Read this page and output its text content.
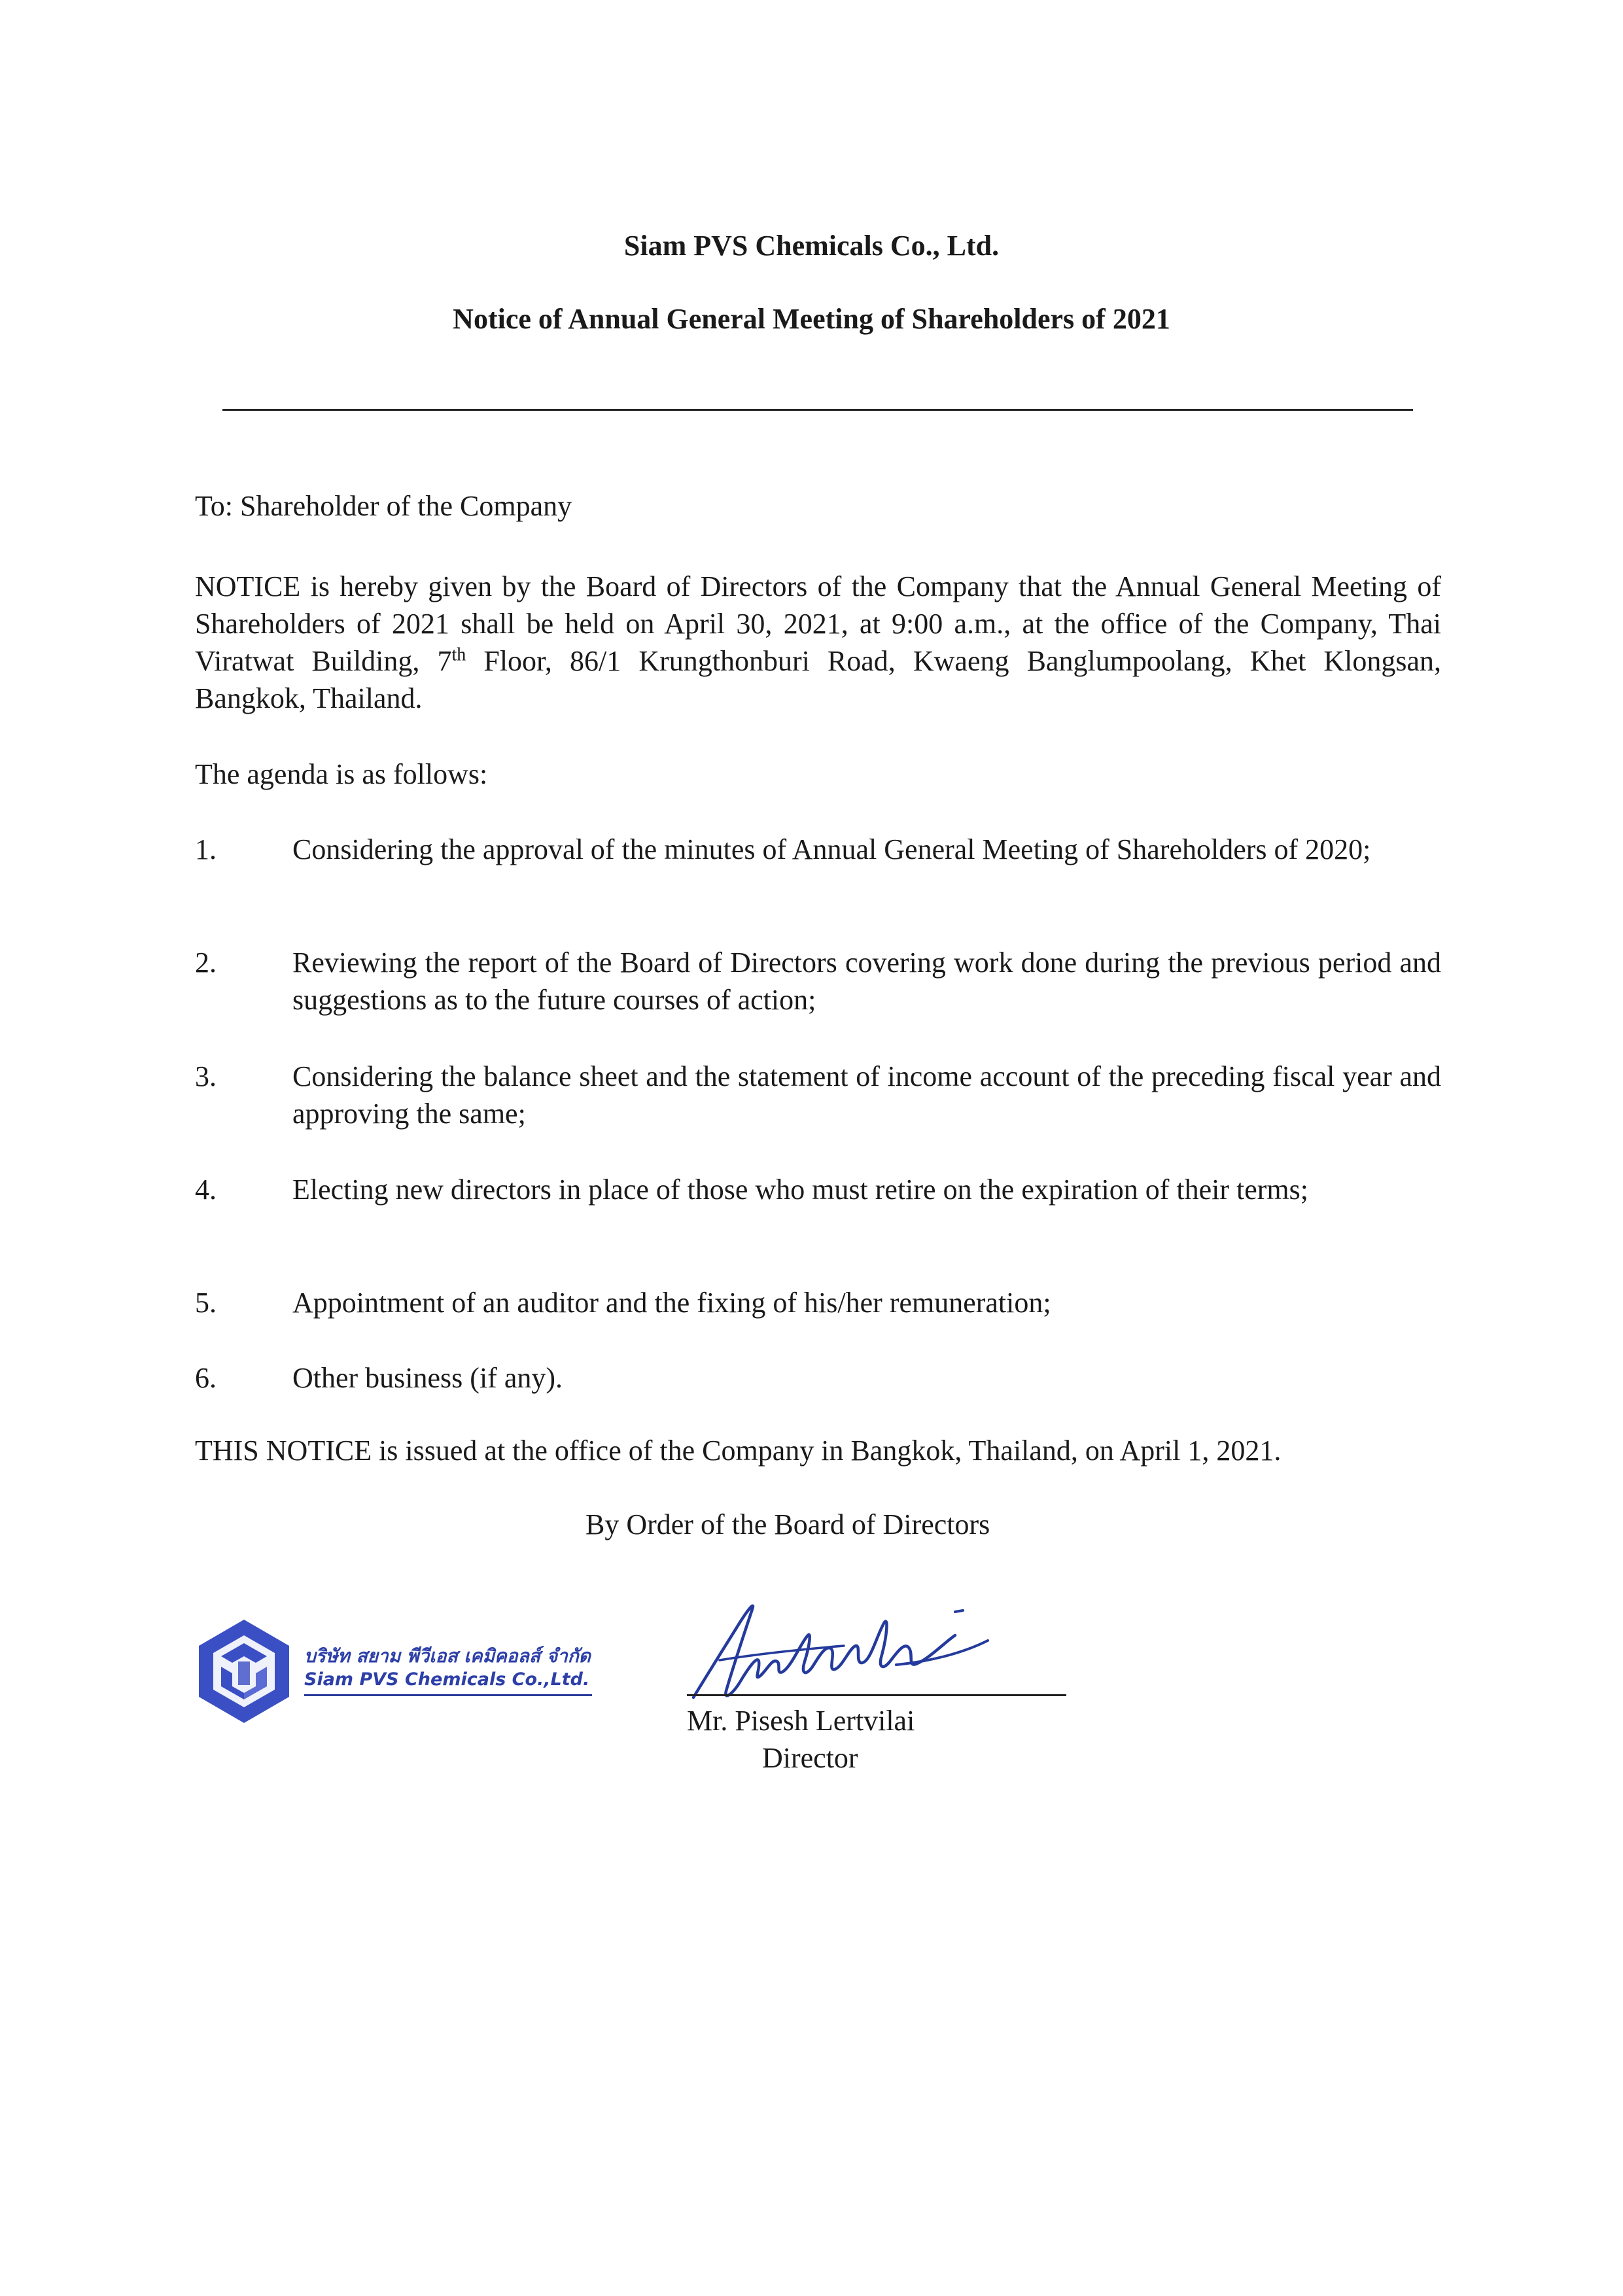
Siam PVS Chemicals Co., Ltd.
Notice of Annual General Meeting of Shareholders of 2021
To: Shareholder of the Company
NOTICE is hereby given by the Board of Directors of the Company that the Annual General Meeting of Shareholders of 2021 shall be held on April 30, 2021, at 9:00 a.m., at the office of the Company, Thai Viratwat Building, 7th Floor, 86/1 Krungthonburi Road, Kwaeng Banglumpoolang, Khet Klongsan, Bangkok, Thailand.
The agenda is as follows:
1.	Considering the approval of the minutes of Annual General Meeting of Shareholders of 2020;
2.	Reviewing the report of the Board of Directors covering work done during the previous period and suggestions as to the future courses of action;
3.	Considering the balance sheet and the statement of income account of the preceding fiscal year and approving the same;
4.	Electing new directors in place of those who must retire on the expiration of their terms;
5.	Appointment of an auditor and the fixing of his/her remuneration;
6.	Other business (if any).
THIS NOTICE is issued at the office of the Company in Bangkok, Thailand, on April 1, 2021.
By Order of the Board of Directors
บริษัท สยาม พีวีเอส เคมิคอลส์ จำกัด
Siam PVS Chemicals Co.,Ltd.
Mr. Pisesh Lertvilai
Director
